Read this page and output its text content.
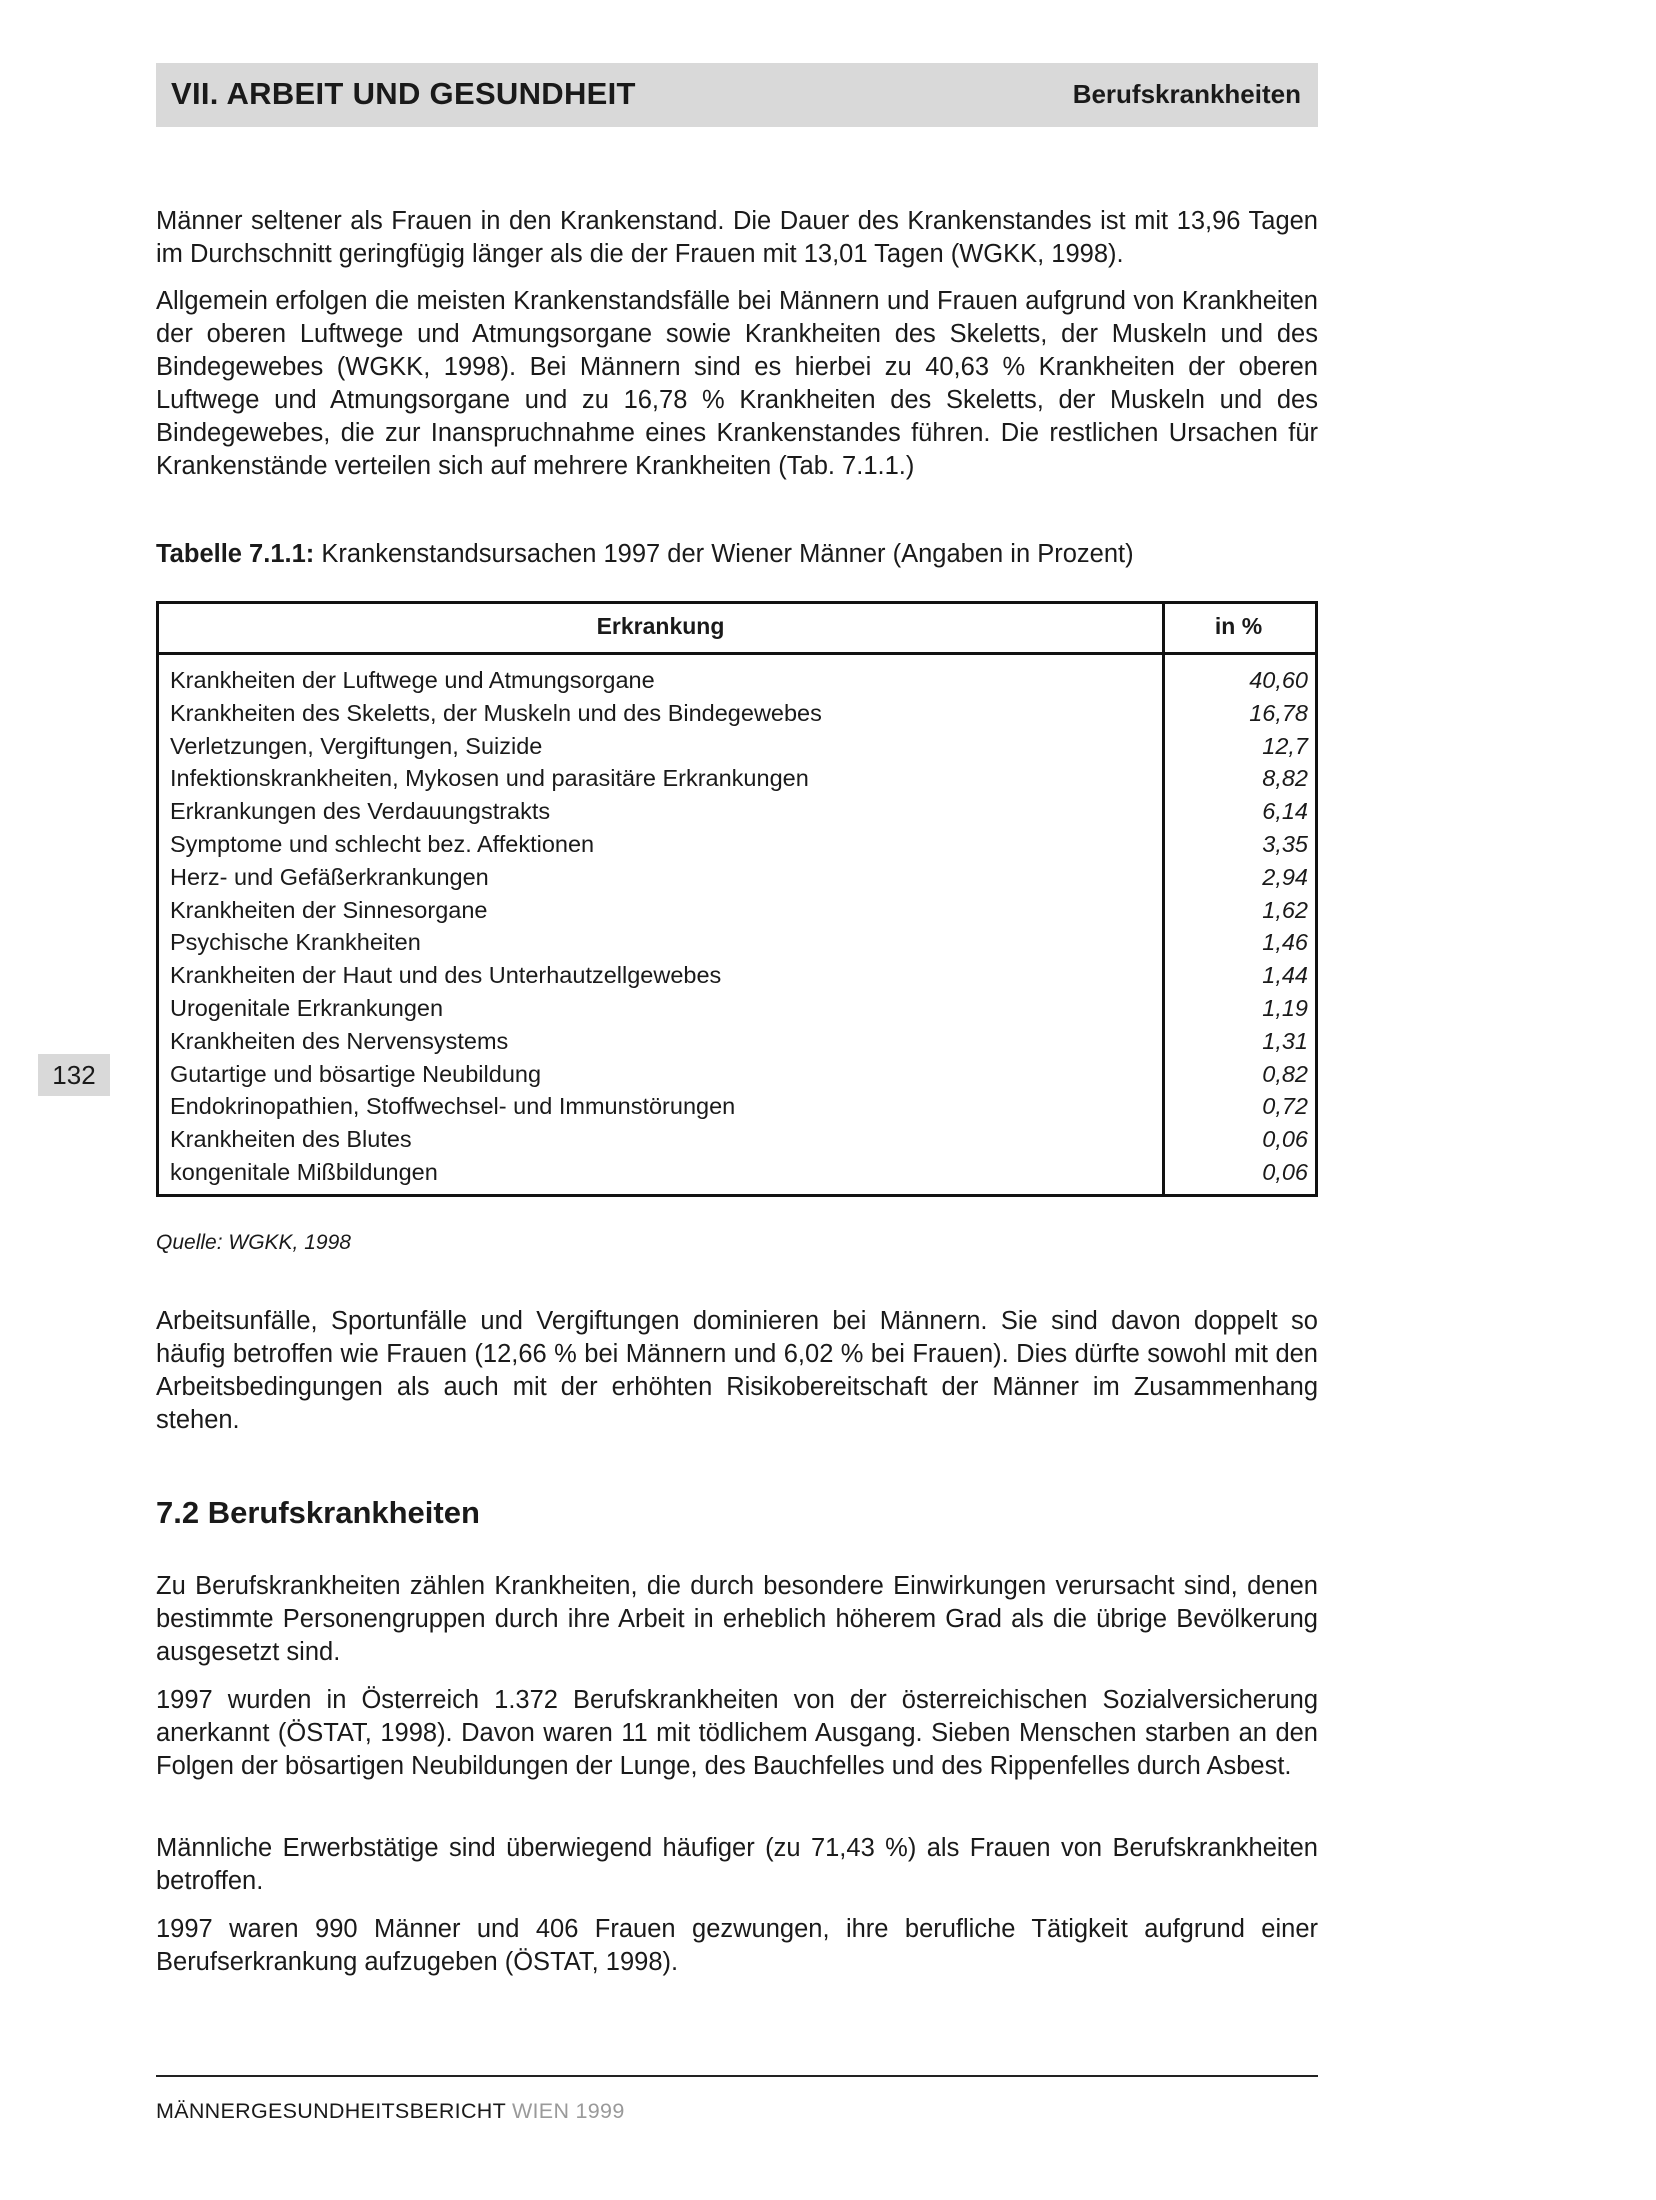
VII. ARBEIT UND GESUNDHEIT	Berufskrankheiten

Männer seltener als Frauen in den Krankenstand. Die Dauer des Krankenstandes ist mit 13,96 Tagen im Durchschnitt geringfügig länger als die der Frauen mit 13,01 Tagen (WGKK, 1998).

Allgemein erfolgen die meisten Krankenstandsfälle bei Männern und Frauen aufgrund von Krankheiten der oberen Luftwege und Atmungsorgane sowie Krankheiten des Skeletts, der Muskeln und des Bindegewebes (WGKK, 1998). Bei Männern sind es hierbei zu 40,63 % Krankheiten der oberen Luftwege und Atmungsorgane und zu 16,78 % Krankheiten des Skeletts, der Muskeln und des Bindegewebes, die zur Inanspruchnahme eines Krankenstandes führen. Die restlichen Ursachen für Krankenstände verteilen sich auf mehrere Krankheiten (Tab. 7.1.1.)

Tabelle 7.1.1: Krankenstandsursachen 1997 der Wiener Männer (Angaben in Prozent)
Erkrankung	in %
Krankheiten der Luftwege und Atmungsorgane	40,60
Krankheiten des Skeletts, der Muskeln und des Bindegewebes	16,78
Verletzungen, Vergiftungen, Suizide	12,7
Infektionskrankheiten, Mykosen und parasitäre Erkrankungen	8,82
Erkrankungen des Verdauungstrakts	6,14
Symptome und schlecht bez. Affektionen	3,35
Herz- und Gefäßerkrankungen	2,94
Krankheiten der Sinnesorgane	1,62
Psychische Krankheiten	1,46
Krankheiten der Haut und des Unterhautzellgewebes	1,44
Urogenitale Erkrankungen	1,19
Krankheiten des Nervensystems	1,31
Gutartige und bösartige Neubildung	0,82
Endokrinopathien, Stoffwechsel- und Immunstörungen	0,72
Krankheiten des Blutes	0,06
kongenitale Mißbildungen	0,06
Quelle: WGKK, 1998

Arbeitsunfälle, Sportunfälle und Vergiftungen dominieren bei Männern. Sie sind davon doppelt so häufig betroffen wie Frauen (12,66 % bei Männern und 6,02 % bei Frauen). Dies dürfte sowohl mit den Arbeitsbedingungen als auch mit der erhöhten Risikobereitschaft der Männer im Zusammenhang stehen.

7.2 Berufskrankheiten

Zu Berufskrankheiten zählen Krankheiten, die durch besondere Einwirkungen verursacht sind, denen bestimmte Personengruppen durch ihre Arbeit in erheblich höherem Grad als die übrige Bevölkerung ausgesetzt sind.

1997 wurden in Österreich 1.372 Berufskrankheiten von der österreichischen Sozialversicherung anerkannt (ÖSTAT, 1998). Davon waren 11 mit tödlichem Ausgang. Sieben Menschen starben an den Folgen der bösartigen Neubildungen der Lunge, des Bauchfelles und des Rippenfelles durch Asbest.

Männliche Erwerbstätige sind überwiegend häufiger (zu 71,43 %) als Frauen von Berufskrankheiten betroffen.

1997 waren 990 Männer und 406 Frauen gezwungen, ihre berufliche Tätigkeit aufgrund einer Berufserkrankung aufzugeben (ÖSTAT, 1998).

132
MÄNNERGESUNDHEITSBERICHT WIEN 1999
